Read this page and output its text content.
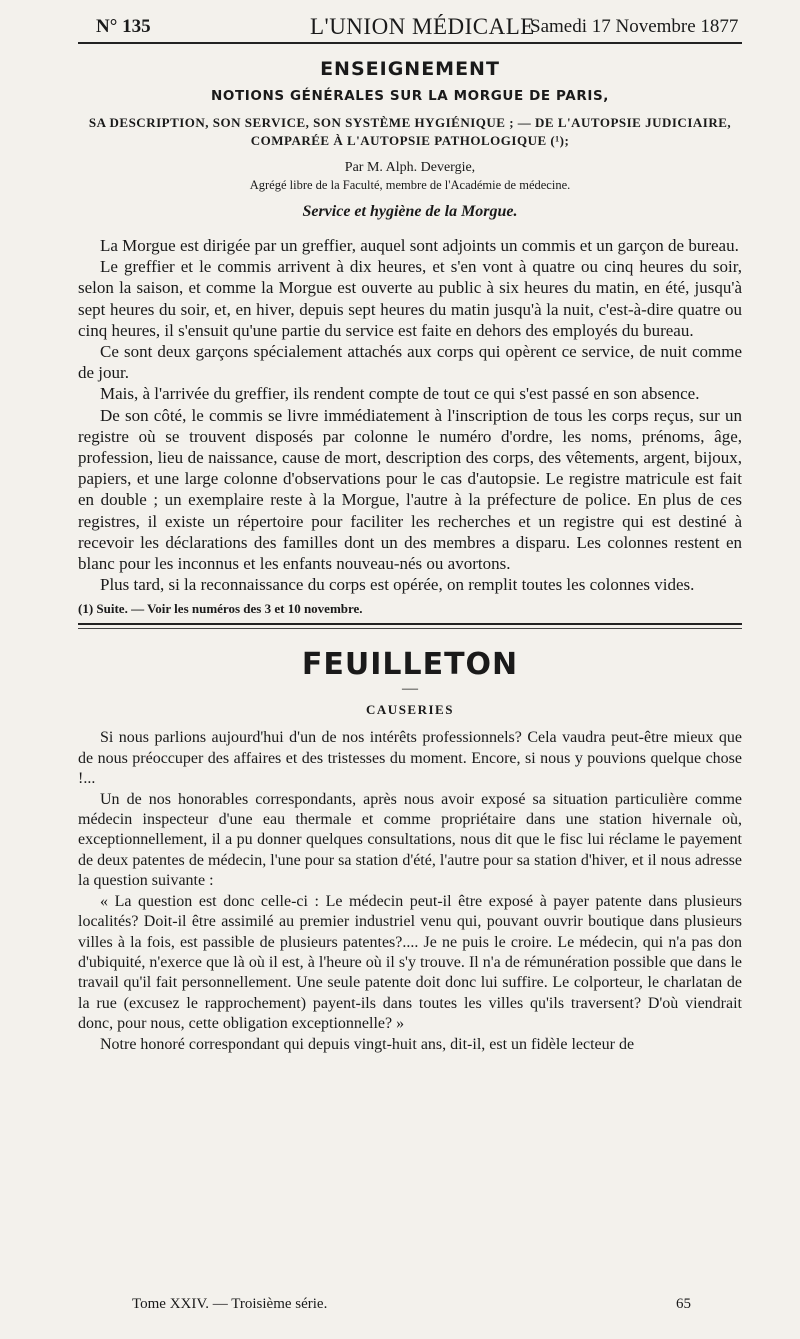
N° 135	L'UNION MÉDICALE
Samedi 17 Novembre 1877
ENSEIGNEMENT
NOTIONS GÉNÉRALES SUR LA MORGUE DE PARIS,
SA DESCRIPTION, SON SERVICE, SON SYSTÈME HYGIÉNIQUE ; — DE L'AUTOPSIE JUDICIAIRE,
COMPARÉE À L'AUTOPSIE PATHOLOGIQUE (¹);
Par M. Alph. Devergie,
Agrégé libre de la Faculté, membre de l'Académie de médecine.
Service et hygiène de la Morgue.

La Morgue est dirigée par un greffier, auquel sont adjoints un commis et un garçon de bureau.

Le greffier et le commis arrivent à dix heures, et s'en vont à quatre ou cinq heures du soir, selon la saison, et comme la Morgue est ouverte au public à six heures du matin, en été, jusqu'à sept heures du soir, et, en hiver, depuis sept heures du matin jusqu'à la nuit, c'est-à-dire quatre ou cinq heures, il s'ensuit qu'une partie du service est faite en dehors des employés du bureau.

Ce sont deux garçons spécialement attachés aux corps qui opèrent ce service, de nuit comme de jour.

Mais, à l'arrivée du greffier, ils rendent compte de tout ce qui s'est passé en son absence.

De son côté, le commis se livre immédiatement à l'inscription de tous les corps reçus, sur un registre où se trouvent disposés par colonne le numéro d'ordre, les noms, prénoms, âge, profession, lieu de naissance, cause de mort, description des corps, des vêtements, argent, bijoux, papiers, et une large colonne d'observations pour le cas d'autopsie. Le registre matricule est fait en double ; un exemplaire reste à la Morgue, l'autre à la préfecture de police. En plus de ces registres, il existe un répertoire pour faciliter les recherches et un registre qui est destiné à recevoir les déclarations des familles dont un des membres a disparu. Les colonnes restent en blanc pour les inconnus et les enfants nouveau-nés ou avortons.

Plus tard, si la reconnaissance du corps est opérée, on remplit toutes les colonnes vides.

(1) Suite. — Voir les numéros des 3 et 10 novembre.
FEUILLETON
—
CAUSERIES

Si nous parlions aujourd'hui d'un de nos intérêts professionnels? Cela vaudra peut-être mieux que de nous préoccuper des affaires et des tristesses du moment. Encore, si nous y pouvions quelque chose !...

Un de nos honorables correspondants, après nous avoir exposé sa situation particulière comme médecin inspecteur d'une eau thermale et comme propriétaire dans une station hivernale où, exceptionnellement, il a pu donner quelques consultations, nous dit que le fisc lui réclame le payement de deux patentes de médecin, l'une pour sa station d'été, l'autre pour sa station d'hiver, et il nous adresse la question suivante :

« La question est donc celle-ci : Le médecin peut-il être exposé à payer patente dans plusieurs localités? Doit-il être assimilé au premier industriel venu qui, pouvant ouvrir boutique dans plusieurs villes à la fois, est passible de plusieurs patentes?.... Je ne puis le croire. Le médecin, qui n'a pas don d'ubiquité, n'exerce que là où il est, à l'heure où il s'y trouve. Il n'a de rémunération possible que dans le travail qu'il fait personnellement. Une seule patente doit donc lui suffire. Le colporteur, le charlatan de la rue (excusez le rapprochement) payent-ils dans toutes les villes qu'ils traversent? D'où viendrait donc, pour nous, cette obligation exceptionnelle? »

Notre honoré correspondant qui depuis vingt-huit ans, dit-il, est un fidèle lecteur de

Tome XXIV. — Troisième série.	65
